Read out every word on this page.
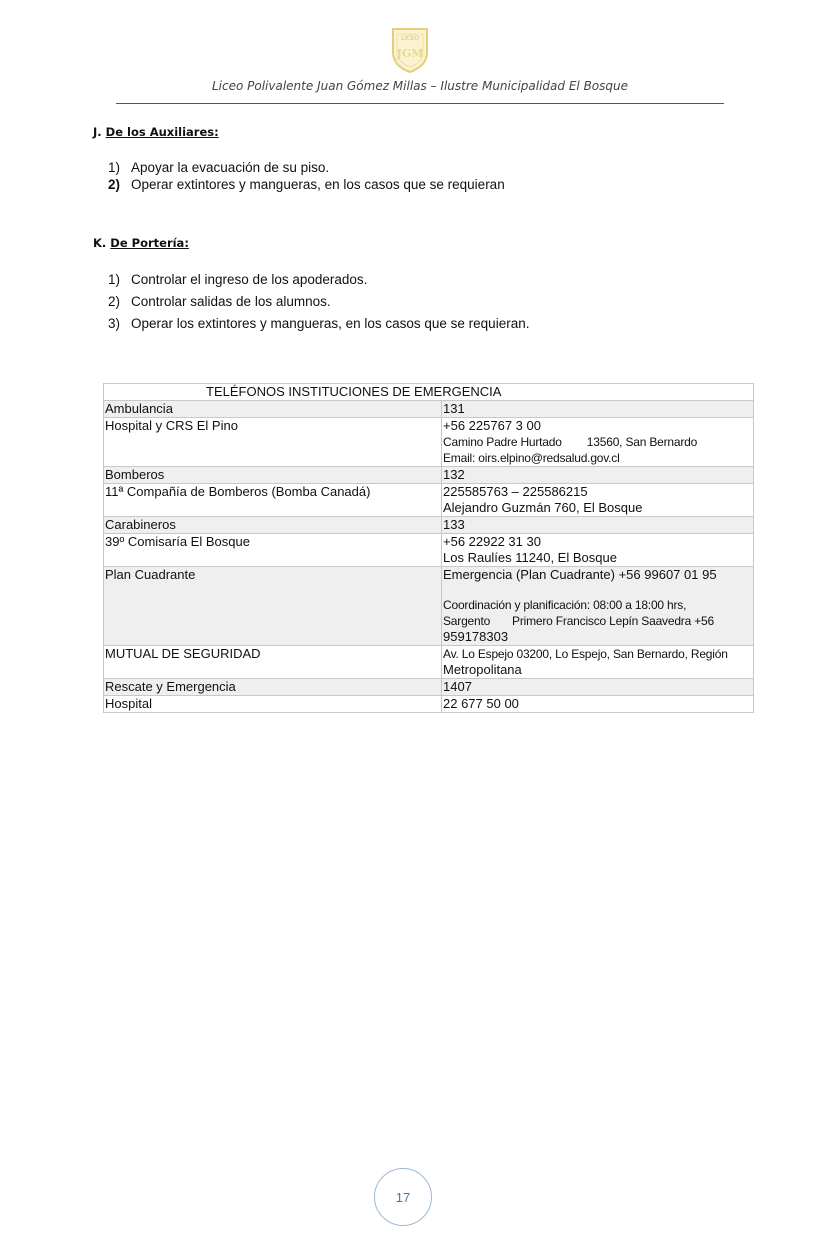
LICEO
JGM
Liceo Polivalente Juan Gómez Millas – Ilustre Municipalidad El Bosque
J. De los Auxiliares:
1) Apoyar la evacuación de su piso.
2) Operar extintores y mangueras, en los casos que se requieran
K. De Portería:
1) Controlar el ingreso de los apoderados.
2) Controlar salidas de los alumnos.
3) Operar los extintores y mangueras, en los casos que se requieran.
TELÉFONOS INSTITUCIONES DE EMERGENCIA	
Ambulancia	131

Hospital y CRS El Pino	+56 225767 3 00
Camino Padre Hurtado        13560, San Bernardo
Email: oirs.elpino@redsalud.gov.cl

Bomberos	132

11ª Compañía de Bomberos (Bomba Canadá)	225585763 – 225586215
Alejandro Guzmán 760, El Bosque

Carabineros	133

39º Comisaría El Bosque	+56 22922 31 30
Los Raulíes 11240, El Bosque

Plan Cuadrante	Emergencia (Plan Cuadrante) +56 99607 01 95
Coordinación y planificación: 08:00 a 18:00 hrs,
Sargento       Primero Francisco Lepín Saavedra +56
959178303

MUTUAL DE SEGURIDAD	Av. Lo Espejo 03200, Lo Espejo, San Bernardo, Región
Metropolitana

Rescate y Emergencia	1407

Hospital	22 677 50 00
17
